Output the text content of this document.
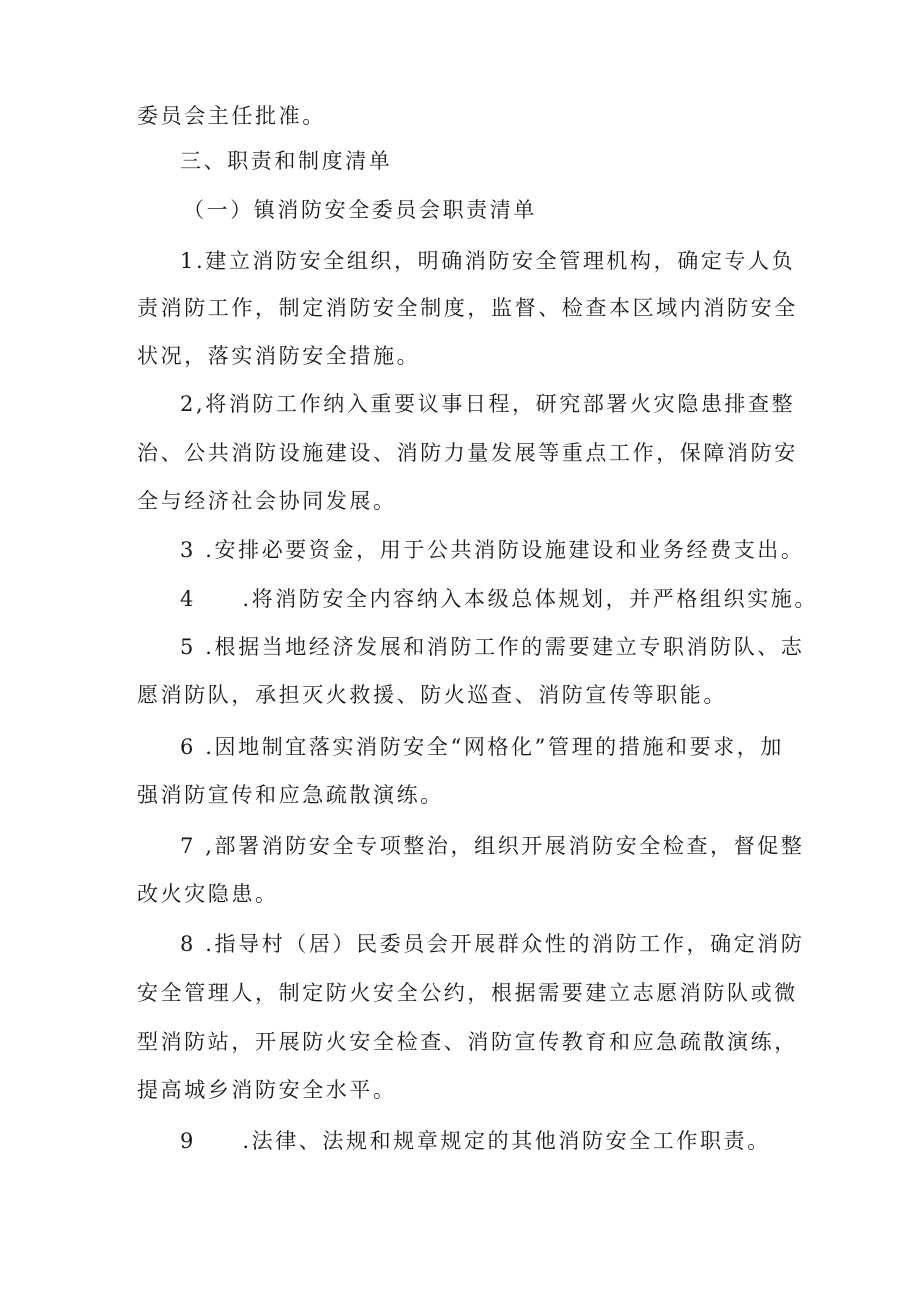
委员会主任批准。
三、职责和制度清单
（一）镇消防安全委员会职责清单
1.建立消防安全组织，明确消防安全管理机构，确定专人负
责消防工作，制定消防安全制度，监督、检查本区域内消防安全
状况，落实消防安全措施。
2,将消防工作纳入重要议事日程，研究部署火灾隐患排查整
治、公共消防设施建设、消防力量发展等重点工作，保障消防安
全与经济社会协同发展。
3 .安排必要资金，用于公共消防设施建设和业务经费支出。
4     .将消防安全内容纳入本级总体规划，并严格组织实施。
5 .根据当地经济发展和消防工作的需要建立专职消防队、志
愿消防队，承担灭火救援、防火巡查、消防宣传等职能。
6 .因地制宜落实消防安全“网格化”管理的措施和要求，加
强消防宣传和应急疏散演练。
7 ,部署消防安全专项整治，组织开展消防安全检查，督促整
改火灾隐患。
8 .指导村（居）民委员会开展群众性的消防工作，确定消防
安全管理人，制定防火安全公约，根据需要建立志愿消防队或微
型消防站，开展防火安全检查、消防宣传教育和应急疏散演练，
提高城乡消防安全水平。
9     .法律、法规和规章规定的其他消防安全工作职责。
